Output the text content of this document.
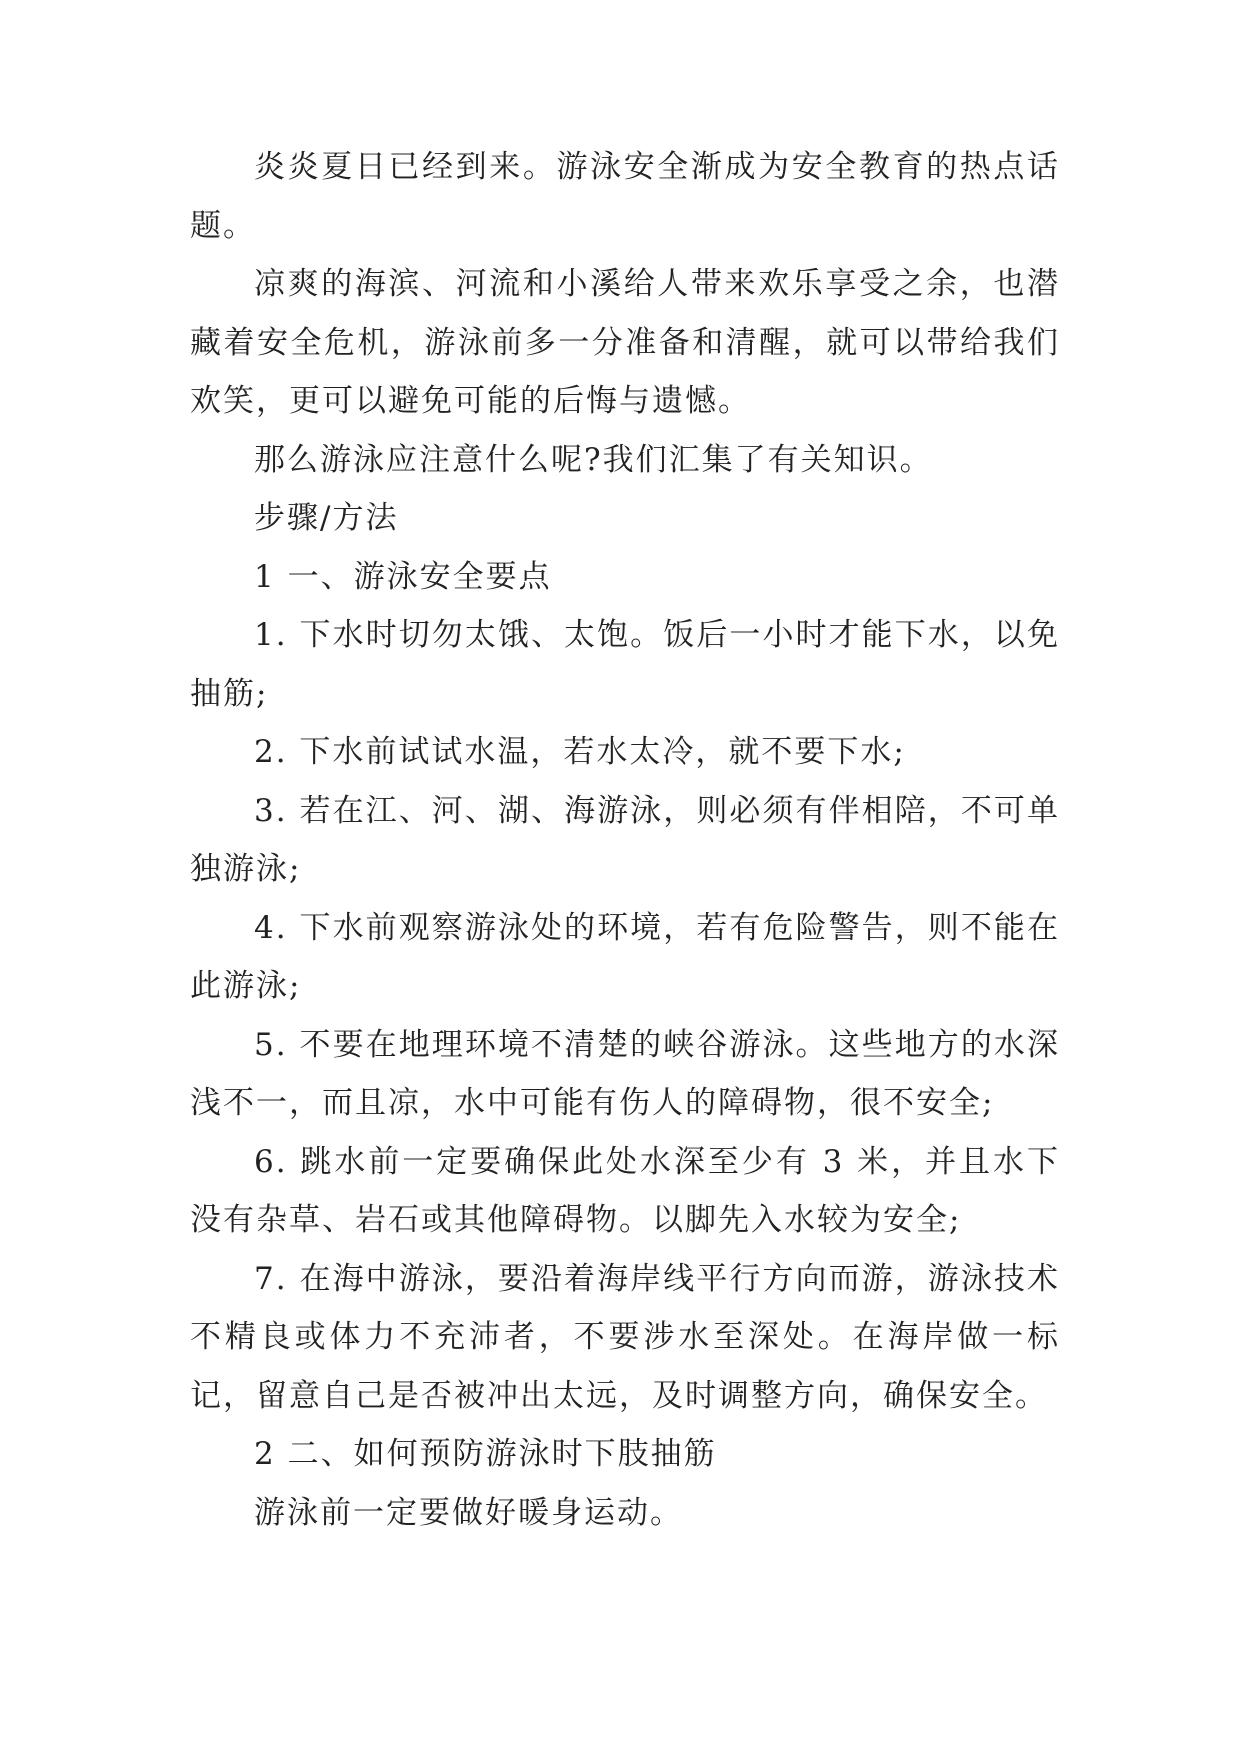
炎炎夏日已经到来。游泳安全渐成为安全教育的热点话题。

凉爽的海滨、河流和小溪给人带来欢乐享受之余，也潜藏着安全危机，游泳前多一分准备和清醒，就可以带给我们欢笑，更可以避免可能的后悔与遗憾。

那么游泳应注意什么呢?我们汇集了有关知识。

步骤/方法

1 一、游泳安全要点

1. 下水时切勿太饿、太饱。饭后一小时才能下水，以免抽筋;

2. 下水前试试水温，若水太冷，就不要下水;

3. 若在江、河、湖、海游泳，则必须有伴相陪，不可单独游泳;

4. 下水前观察游泳处的环境，若有危险警告，则不能在此游泳;

5. 不要在地理环境不清楚的峡谷游泳。这些地方的水深浅不一，而且凉，水中可能有伤人的障碍物，很不安全;

6. 跳水前一定要确保此处水深至少有 3 米，并且水下没有杂草、岩石或其他障碍物。以脚先入水较为安全;

7. 在海中游泳，要沿着海岸线平行方向而游，游泳技术不精良或体力不充沛者，不要涉水至深处。在海岸做一标记，留意自己是否被冲出太远，及时调整方向，确保安全。

2 二、如何预防游泳时下肢抽筋

游泳前一定要做好暖身运动。
